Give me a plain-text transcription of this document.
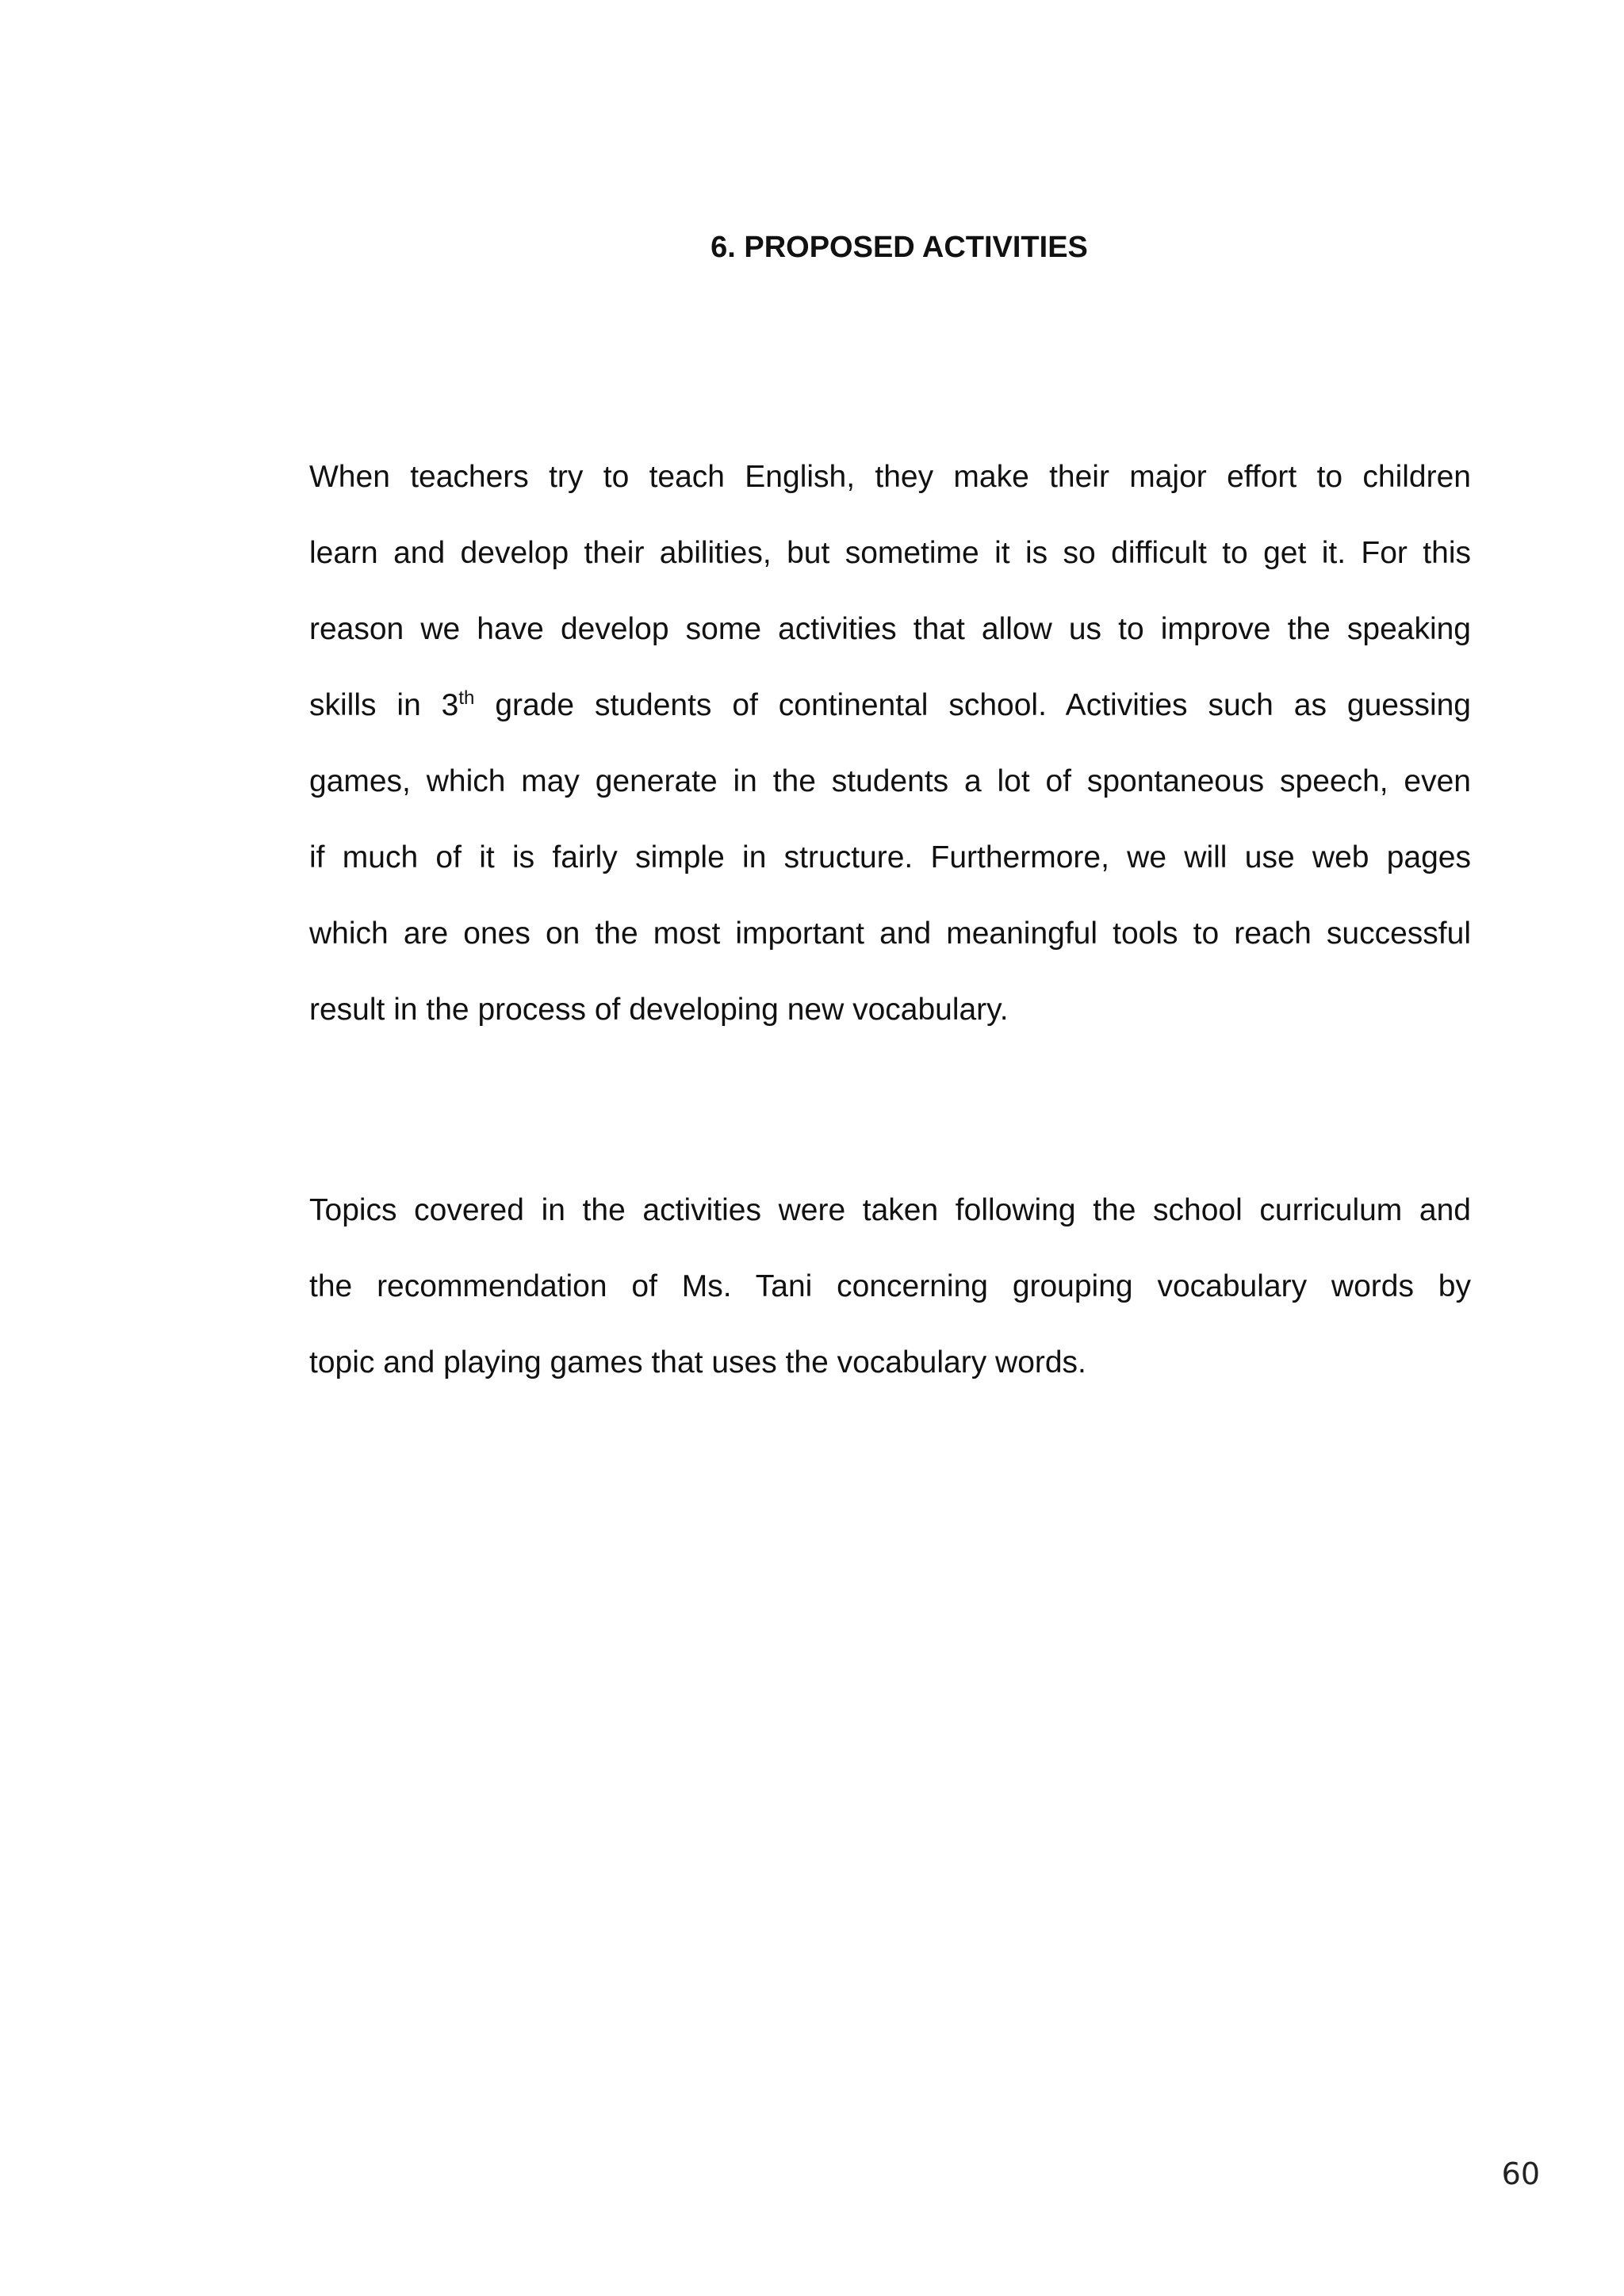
6. PROPOSED ACTIVITIES
When teachers try to teach English, they make their major effort to children
learn and develop their abilities, but sometime it is so difficult to get it. For this
reason we have develop some activities that allow us to improve the speaking
skills in 3th grade students of continental school. Activities such as guessing
games, which may generate in the students a lot of spontaneous speech, even
if much of it is fairly simple in structure. Furthermore, we will use web pages
which are ones on the most important and meaningful tools to reach successful
result in the process of developing new vocabulary.
Topics covered in the activities were taken following the school curriculum and
the recommendation of Ms. Tani concerning grouping vocabulary words by
topic and playing games that uses the vocabulary words.
60
